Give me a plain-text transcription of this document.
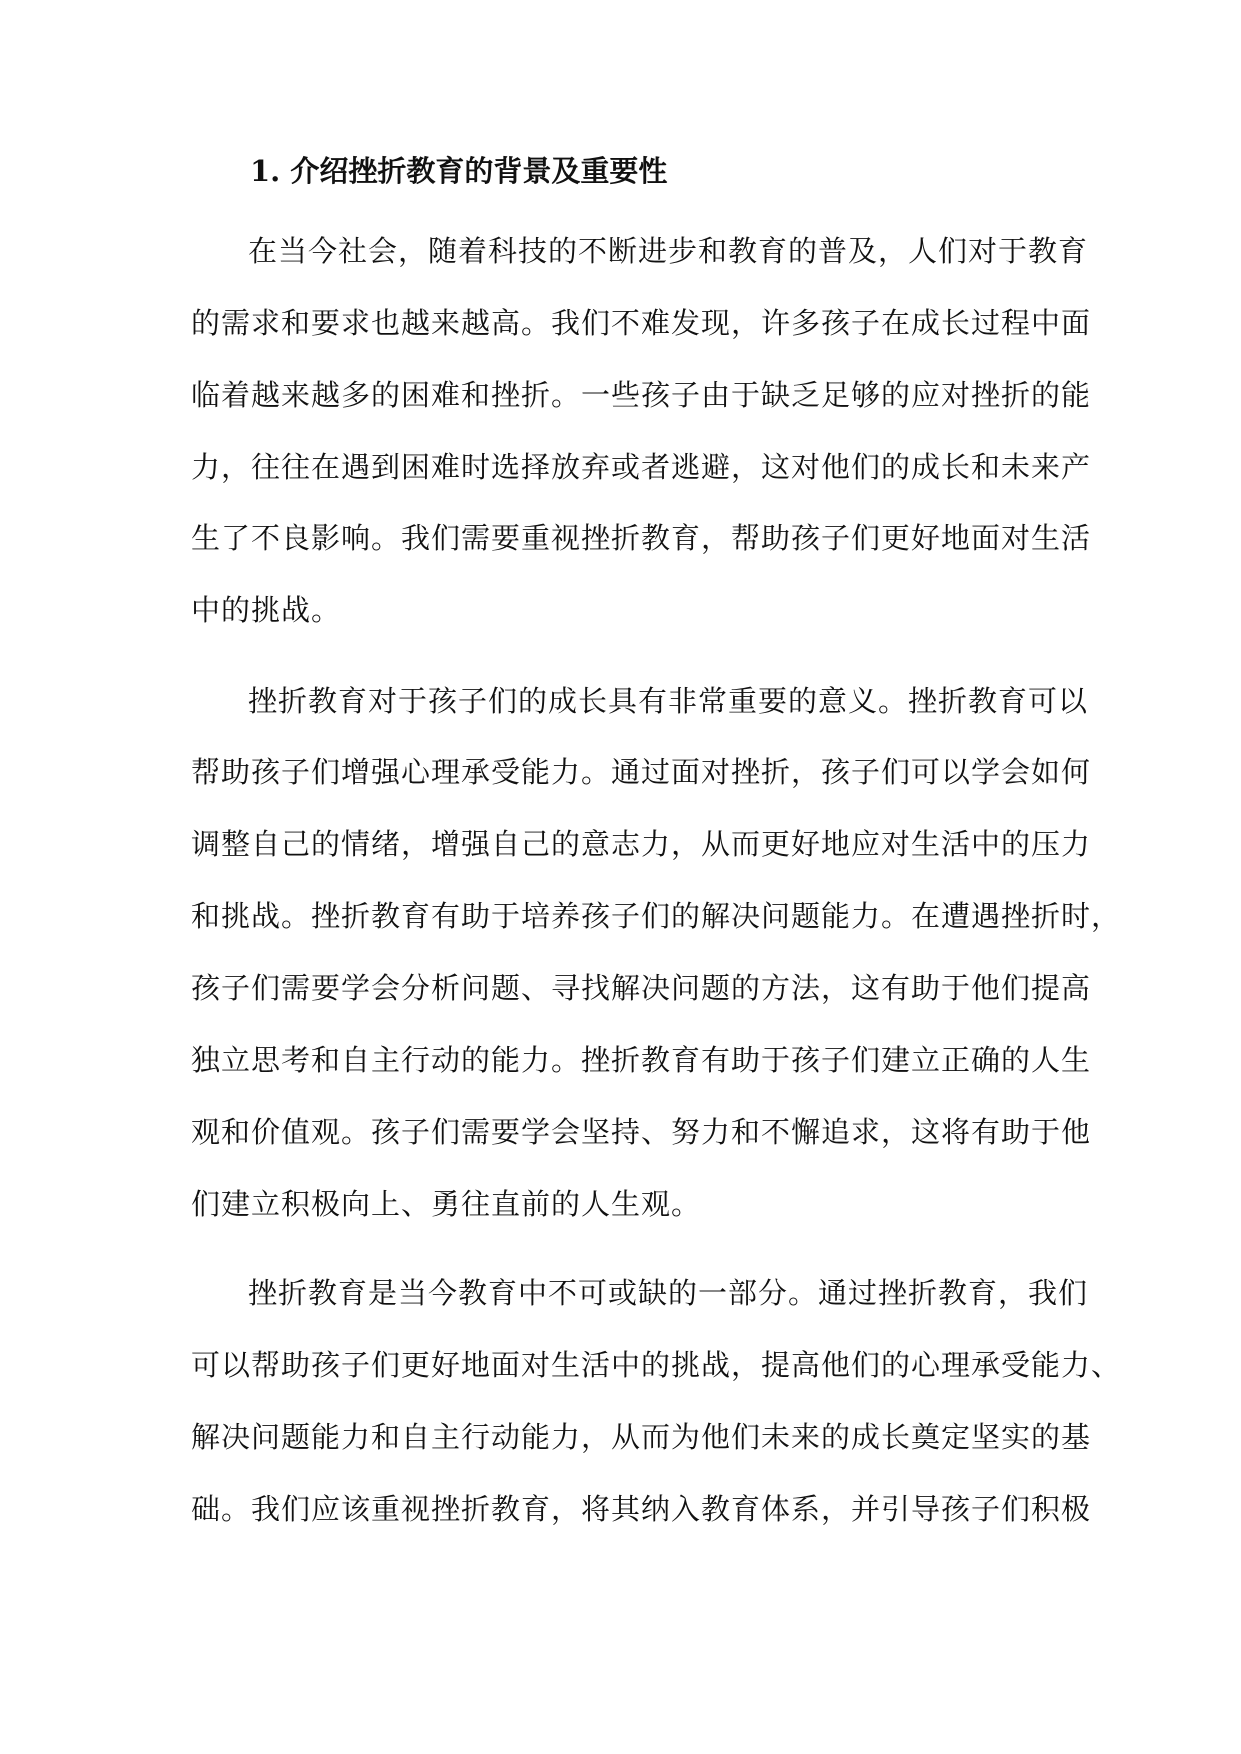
1. 介绍挫折教育的背景及重要性
在当今社会，随着科技的不断进步和教育的普及，人们对于教育
的需求和要求也越来越高。我们不难发现，许多孩子在成长过程中面
临着越来越多的困难和挫折。一些孩子由于缺乏足够的应对挫折的能
力，往往在遇到困难时选择放弃或者逃避，这对他们的成长和未来产
生了不良影响。我们需要重视挫折教育，帮助孩子们更好地面对生活
中的挑战。
挫折教育对于孩子们的成长具有非常重要的意义。挫折教育可以
帮助孩子们增强心理承受能力。通过面对挫折，孩子们可以学会如何
调整自己的情绪，增强自己的意志力，从而更好地应对生活中的压力
和挑战。挫折教育有助于培养孩子们的解决问题能力。在遭遇挫折时，
孩子们需要学会分析问题、寻找解决问题的方法，这有助于他们提高
独立思考和自主行动的能力。挫折教育有助于孩子们建立正确的人生
观和价值观。孩子们需要学会坚持、努力和不懈追求，这将有助于他
们建立积极向上、勇往直前的人生观。
挫折教育是当今教育中不可或缺的一部分。通过挫折教育，我们
可以帮助孩子们更好地面对生活中的挑战，提高他们的心理承受能力、
解决问题能力和自主行动能力，从而为他们未来的成长奠定坚实的基
础。我们应该重视挫折教育，将其纳入教育体系，并引导孩子们积极
